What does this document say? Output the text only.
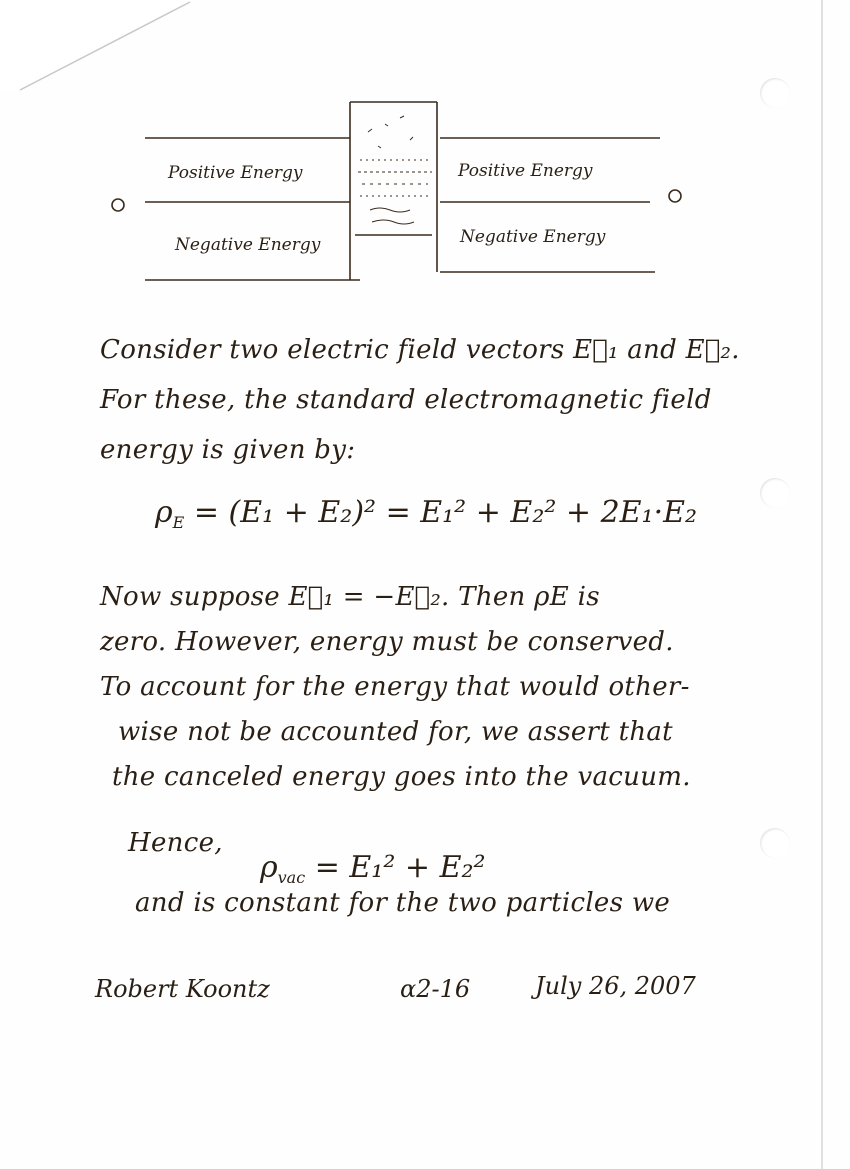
Positive Energy	Positive Energy
Negative Energy	Negative Energy
Consider two electric field vectors E⃗₁ and E⃗₂.
For these, the standard electromagnetic field
energy is given by:
$\rho_E = (E_1 + E_2)^2 = E_1^2 + E_2^2 + 2E_1\cdot E_2$
Now suppose E⃗₁ = −E⃗₂. Then ρE is
zero. However, energy must be conserved.
To account for the energy that would other-
wise not be accounted for, we assert that
the canceled energy goes into the vacuum.
Hence,
$\rho_{vac} = E_1^2 + E_2^2$
and is constant for the two particles we
Robert Koontz	α2-16	July 26, 2007
